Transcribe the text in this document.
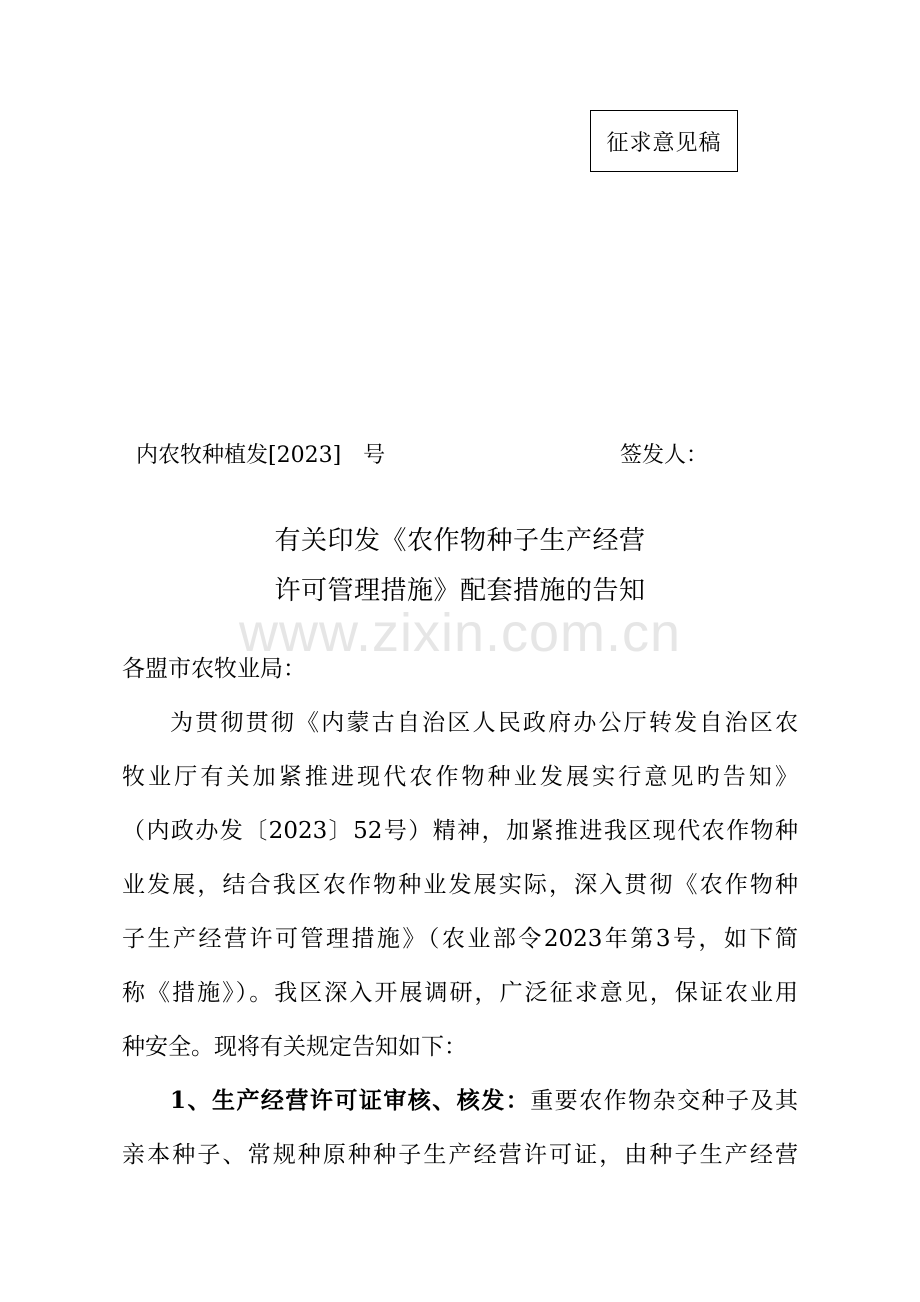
征求意见稿
内农牧种植发[2023]　号	签发人：
有关印发《农作物种子生产经营
许可管理措施》配套措施的告知
www.zixin.com.cn
各盟市农牧业局：
为贯彻贯彻《内蒙古自治区人民政府办公厅转发自治区农
牧业厅有关加紧推进现代农作物种业发展实行意见旳告知》
（内政办发〔2023〕52号）精神，加紧推进我区现代农作物种
业发展，结合我区农作物种业发展实际，深入贯彻《农作物种
子生产经营许可管理措施》（农业部令2023年第3号，如下简
称《措施》）。我区深入开展调研，广泛征求意见，保证农业用
种安全。现将有关规定告知如下：
1、生产经营许可证审核、核发：重要农作物杂交种子及其
亲本种子、常规种原种种子生产经营许可证，由种子生产经营
